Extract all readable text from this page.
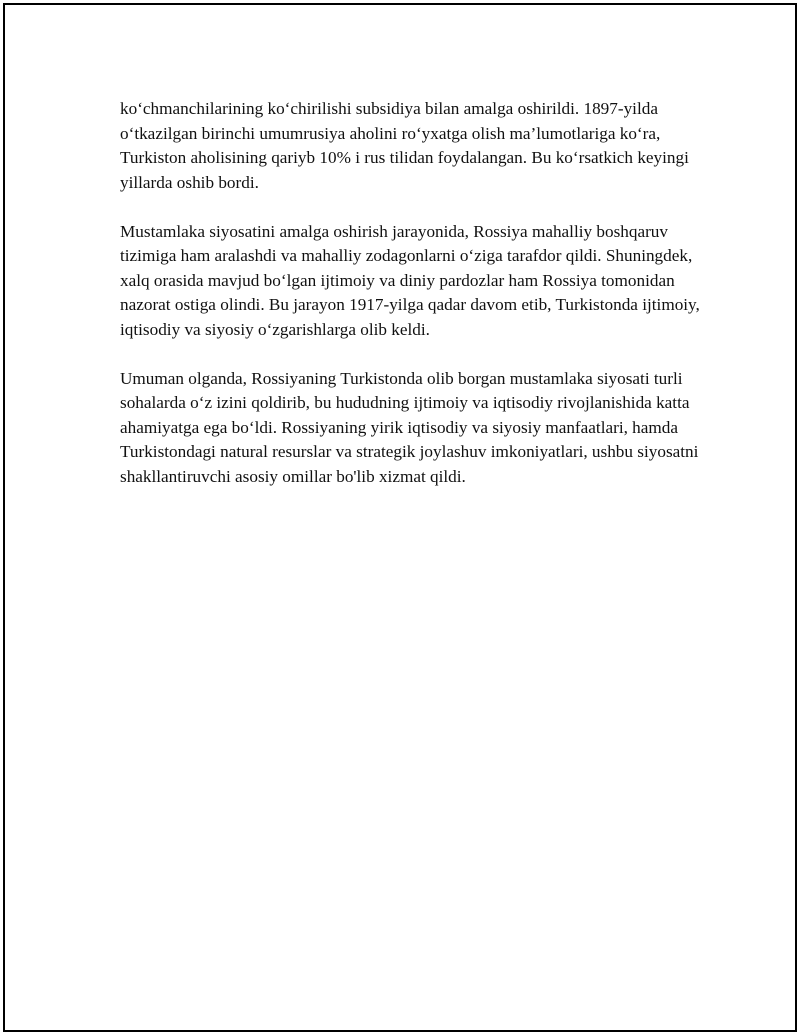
ko‘chmanchilarining ko‘chirilishi subsidiya bilan amalga oshirildi. 1897-yilda o‘tkazilgan birinchi umumrusiya aholini ro‘yxatga olish ma’lumotlariga ko‘ra, Turkiston aholisining qariyb 10% i rus tilidan foydalangan. Bu ko‘rsatkich keyingi yillarda oshib bordi.

Mustamlaka siyosatini amalga oshirish jarayonida, Rossiya mahalliy boshqaruv tizimiga ham aralashdi va mahalliy zodagonlarni o‘ziga tarafdor qildi. Shuningdek, xalq orasida mavjud bo‘lgan ijtimoiy va diniy pardozlar ham Rossiya tomonidan nazorat ostiga olindi. Bu jarayon 1917-yilga qadar davom etib, Turkistonda ijtimoiy, iqtisodiy va siyosiy o‘zgarishlarga olib keldi.

Umuman olganda, Rossiyaning Turkistonda olib borgan mustamlaka siyosati turli sohalarda o‘z izini qoldirib, bu hududning ijtimoiy va iqtisodiy rivojlanishida katta ahamiyatga ega bo‘ldi. Rossiyaning yirik iqtisodiy va siyosiy manfaatlari, hamda Turkistondagi natural resurslar va strategik joylashuv imkoniyatlari, ushbu siyosatni shakllantiruvchi asosiy omillar bo'lib xizmat qildi.
